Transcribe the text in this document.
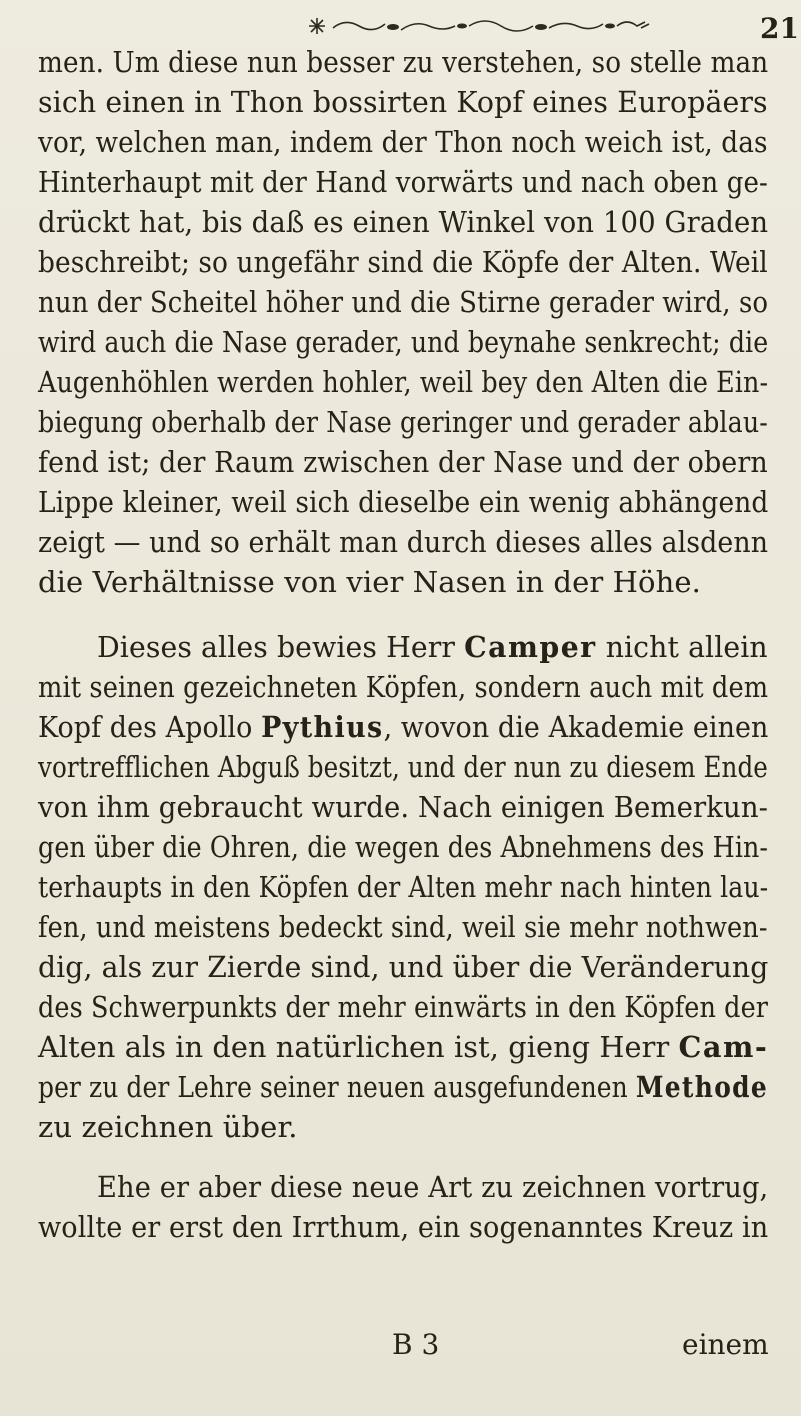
21
men. Um diese nun besser zu verstehen, so stelle man
sich einen in Thon bossirten Kopf eines Europäers
vor, welchen man, indem der Thon noch weich ist, das
Hinterhaupt mit der Hand vorwärts und nach oben ge-
drückt hat, bis daß es einen Winkel von 100 Graden
beschreibt; so ungefähr sind die Köpfe der Alten. Weil
nun der Scheitel höher und die Stirne gerader wird, so
wird auch die Nase gerader, und beynahe senkrecht; die
Augenhöhlen werden hohler, weil bey den Alten die Ein-
biegung oberhalb der Nase geringer und gerader ablau-
fend ist; der Raum zwischen der Nase und der obern
Lippe kleiner, weil sich dieselbe ein wenig abhängend
zeigt — und so erhält man durch dieses alles alsdenn
die Verhältnisse von vier Nasen in der Höhe.
Dieses alles bewies Herr Camper nicht allein
mit seinen gezeichneten Köpfen, sondern auch mit dem
Kopf des Apollo Pythius, wovon die Akademie einen
vortrefflichen Abguß besitzt, und der nun zu diesem Ende
von ihm gebraucht wurde. Nach einigen Bemerkun-
gen über die Ohren, die wegen des Abnehmens des Hin-
terhaupts in den Köpfen der Alten mehr nach hinten lau-
fen, und meistens bedeckt sind, weil sie mehr nothwen-
dig, als zur Zierde sind, und über die Veränderung
des Schwerpunkts der mehr einwärts in den Köpfen der
Alten als in den natürlichen ist, gieng Herr Cam-
per zu der Lehre seiner neuen ausgefundenen Methode
zu zeichnen über.
Ehe er aber diese neue Art zu zeichnen vortrug,
wollte er erst den Irrthum, ein sogenanntes Kreuz in
B 3	einem
